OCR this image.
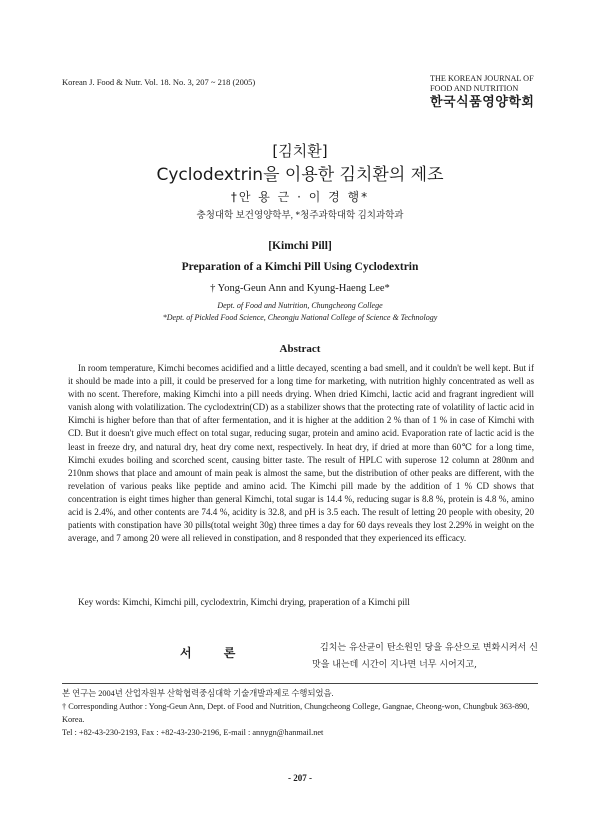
Korean J. Food & Nutr. Vol. 18. No. 3, 207 ~ 218 (2005)	THE KOREAN JOURNAL OF
FOOD AND NUTRITION
한국식품영양학회
[김치환]
Cyclodextrin을 이용한 김치환의 제조
†안 용 근 · 이 경 행*
충청대학 보건영양학부, *청주과학대학 김치과학과
[Kimchi Pill]
Preparation of a Kimchi Pill Using Cyclodextrin
† Yong-Geun Ann and Kyung-Haeng Lee*
Dept. of Food and Nutrition, Chungcheong College
*Dept. of Pickled Food Science, Cheongju National College of Science & Technology
Abstract
In room temperature, Kimchi becomes acidified and a little decayed, scenting a bad smell, and it couldn't be well kept. But if it should be made into a pill, it could be preserved for a long time for marketing, with nutrition highly concentrated as well as with no scent. Therefore, making Kimchi into a pill needs drying. When dried Kimchi, lactic acid and fragrant ingredient will vanish along with volatilization. The cyclodextrin(CD) as a stabilizer shows that the protecting rate of volatility of lactic acid in Kimchi is higher before than that of after fermentation, and it is higher at the addition 2 % than of 1 % in case of Kimchi with CD. But it doesn't give much effect on total sugar, reducing sugar, protein and amino acid. Evaporation rate of lactic acid is the least in freeze dry, and natural dry, heat dry come next, respectively. In heat dry, if dried at more than 60℃ for a long time, Kimchi exudes boiling and scorched scent, causing bitter taste. The result of HPLC with superose 12 column at 280nm and 210nm shows that place and amount of main peak is almost the same, but the distribution of other peaks are different, with the revelation of various peaks like peptide and amino acid. The Kimchi pill made by the addition of 1 % CD shows that concentration is eight times higher than general Kimchi, total sugar is 14.4 %, reducing sugar is 8.8 %, protein is 4.8 %, amino acid is 2.4%, and other contents are 74.4 %, acidity is 32.8, and pH is 3.5 each. The result of letting 20 people with obesity, 20 patients with constipation have 30 pills(total weight 30g) three times a day for 60 days reveals they lost 2.29% in weight on the average, and 7 among 20 were all relieved in constipation, and 8 responded that they experienced its efficacy.
Key words: Kimchi, Kimchi pill, cyclodextrin, Kimchi drying, praperation of a Kimchi pill
서 론	김치는 유산균이 탄소원인 당을 유산으로 변화시켜서 신맛을 내는데 시간이 지나면 너무 시어지고,

본 연구는 2004년 산업자원부 산학협력중심대학 기술개발과제로 수행되었음.

† Corresponding Author : Yong-Geun Ann, Dept. of Food and Nutrition, Chungcheong College, Gangnae, Cheong-won, Chungbuk 363-890, Korea.

Tel : +82-43-230-2193, Fax : +82-43-230-2196, E-mail : annygn@hanmail.net

- 207 -
